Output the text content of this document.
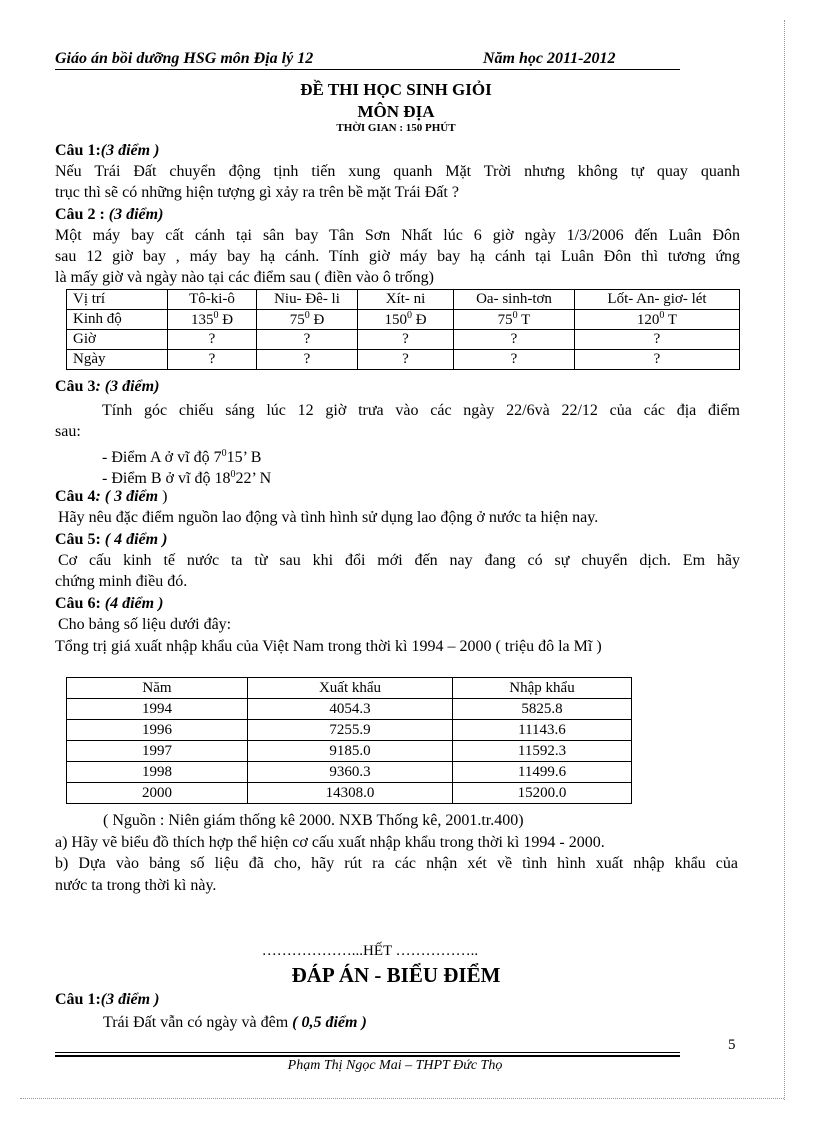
Giáo án bồi dưỡng HSG môn Địa lý 12	Năm học 2011-2012
ĐỀ THI HỌC SINH GIỎI
MÔN ĐỊA
THỜI GIAN : 150 PHÚT
Câu 1:(3 điểm )
Nếu Trái Đất chuyển động tịnh tiến xung quanh Mặt Trời nhưng không tự quay quanh
trục thì sẽ có những hiện tượng gì xảy ra trên bề mặt Trái Đất ?
Câu 2 : (3 điểm)
Một máy bay cất cánh tại sân bay Tân Sơn Nhất lúc 6 giờ ngày 1/3/2006 đến Luân Đôn
sau 12 giờ bay , máy bay hạ cánh. Tính giờ máy bay hạ cánh tại Luân Đôn thì tương ứng
là mấy giờ và ngày nào tại các điểm sau ( điền vào ô trống)
Vị trí	Tô-ki-ô	Niu- Đê- li	Xít- ni	Oa- sinh-tơn	Lốt- An- giơ- lét
Kinh độ	$135^0$ Đ	$75^0$ Đ	$150^0$ Đ	$75^0$ T	$120^0$ T
Giờ	?	?	?	?	?
Ngày	?	?	?	?	?
Câu 3: (3 điểm)
Tính góc chiếu sáng lúc 12 giờ trưa vào các ngày 22/6và 22/12 của các địa điểm
sau:
- Điểm A ở vĩ độ $7^015$’ B
- Điểm B ở vĩ độ $18^022$’ N
Câu 4: ( 3 điểm )
Hãy nêu đặc điểm nguồn lao động và tình hình sử dụng lao động ở nước ta hiện nay.
Câu 5: ( 4 điểm )
Cơ cấu kinh tế nước ta từ sau khi đổi mới đến nay đang có sự chuyển dịch. Em hãy
chứng minh điều đó.
Câu 6: (4 điểm )
Cho bảng số liệu dưới đây:
Tổng trị giá xuất nhập khẩu của Việt Nam trong thời kì 1994 – 2000 ( triệu đô la Mĩ )
Năm	Xuất khẩu	Nhập khẩu
1994	4054.3	5825.8
1996	7255.9	11143.6
1997	9185.0	11592.3
1998	9360.3	11499.6
2000	14308.0	15200.0
( Nguồn : Niên giám thống kê 2000. NXB Thống kê, 2001.tr.400)
a) Hãy vẽ biểu đồ thích hợp thể hiện cơ cấu xuất nhập khẩu trong thời kì 1994 - 2000.
b) Dựa vào bảng số liệu đã cho, hãy rút ra các nhận xét về tình hình xuất nhập khẩu của
nước ta trong thời kì này.
………………...HẾT ……………..
ĐÁP ÁN - BIỂU ĐIỂM
Câu 1:(3 điểm )
Trái Đất vẫn có ngày và đêm ( 0,5 điểm )
5
Phạm Thị Ngọc Mai – THPT Đức Thọ
